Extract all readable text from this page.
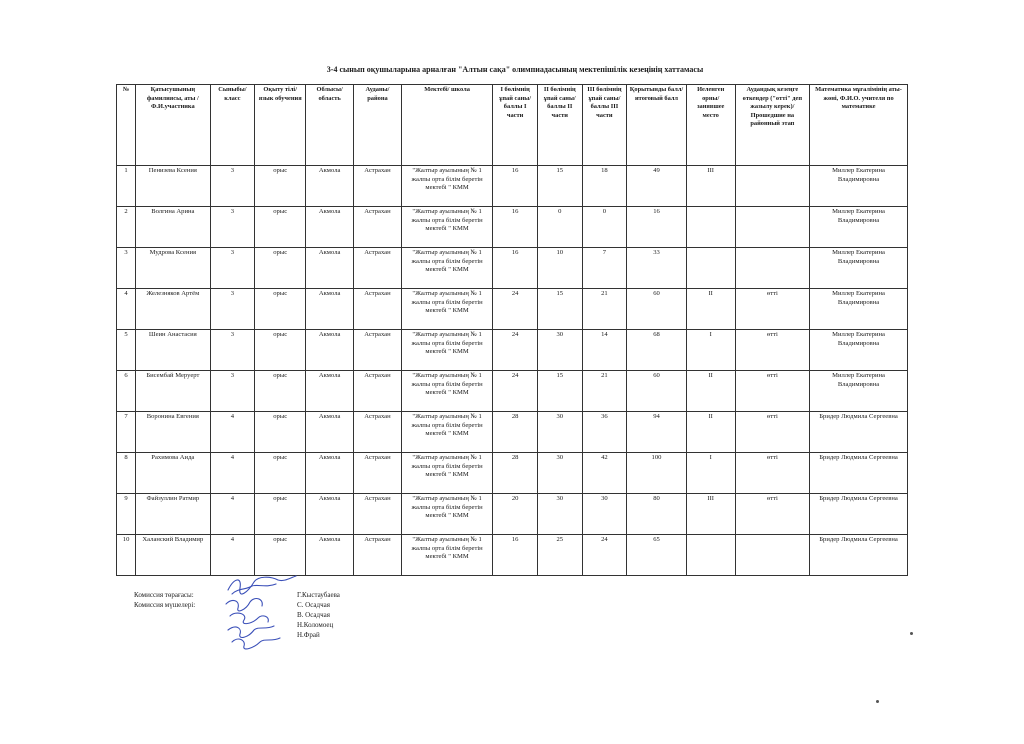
3-4 сынып оқушыларына арналған "Алтын сақа" олимпиадасының мектепішілік кезеңінің хаттамасы
№	Қатысушының фамилиясы, аты /Ф.И.участника	Сыныбы/класс	Оқыту тілі/ язык обучения	Облысы/ область	Ауданы/ района	Мектебі/ школа	І бөлімнің ұпай саны/ баллы I части	ІІ бөлімнің ұпай саны/ баллы II части	ІІІ бөлімнің ұпай саны/ баллы III части	Қорытынды балл/ итоговый балл	Иеленген орны/ занявшее место	Аудандық кезеңге өткендер ("өтті" деп жазылу керек)/ Прошедшие на районный этап	Математика мұғалімінің аты-жөні, Ф.И.О. учителя по математике
1	Пенизева Ксения	3	орыс	Акмола	Астрахан	"Жалтыр ауылының № 1 жалпы орта білім беретін мектебі " КММ	16	15	18	49	III		Миллер Екатерина Владимировна
2	Волгина Арина	3	орыс	Акмола	Астрахан	"Жалтыр ауылының № 1 жалпы орта білім беретін мектебі " КММ	16	0	0	16			Миллер Екатерина Владимировна
3	Мудрова Ксения	3	орыс	Акмола	Астрахан	"Жалтыр ауылының № 1 жалпы орта білім беретін мектебі " КММ	16	10	7	33			Миллер Екатерина Владимировна
4	Железняков Артём	3	орыс	Акмола	Астрахан	"Жалтыр ауылының № 1 жалпы орта білім беретін мектебі " КММ	24	15	21	60	II	өтті	Миллер Екатерина Владимировна
5	Шеин Анастасия	3	орыс	Акмола	Астрахан	"Жалтыр ауылының № 1 жалпы орта білім беретін мектебі " КММ	24	30	14	68	I	өтті	Миллер Екатерина Владимировна
6	Бисембай Меруерт	3	орыс	Акмола	Астрахан	"Жалтыр ауылының № 1 жалпы орта білім беретін мектебі " КММ	24	15	21	60	II	өтті	Миллер Екатерина Владимировна
7	Воронина Евгения	4	орыс	Акмола	Астрахан	"Жалтыр ауылының № 1 жалпы орта білім беретін мектебі " КММ	28	30	36	94	II	өтті	Бридер Людмила Сергеевна
8	Рахимова Аида	4	орыс	Акмола	Астрахан	"Жалтыр ауылының № 1 жалпы орта білім беретін мектебі " КММ	28	30	42	100	I	өтті	Бридер Людмила Сергеевна
9	Файзуллин Ратмир	4	орыс	Акмола	Астрахан	"Жалтыр ауылының № 1 жалпы орта білім беретін мектебі " КММ	20	30	30	80	III	өтті	Бридер Людмила Сергеевна
10	Халанский Владимир	4	орыс	Акмола	Астрахан	"Жалтыр ауылының № 1 жалпы орта білім беретін мектебі " КММ	16	25	24	65			Бридер Людмила Сергеевна
Комиссия төрағасы:
Комиссия мүшелері:
Г.Кыстаубаева
С. Осадчая
В. Осадчая
Н.Коломоец
Н.Фрай
